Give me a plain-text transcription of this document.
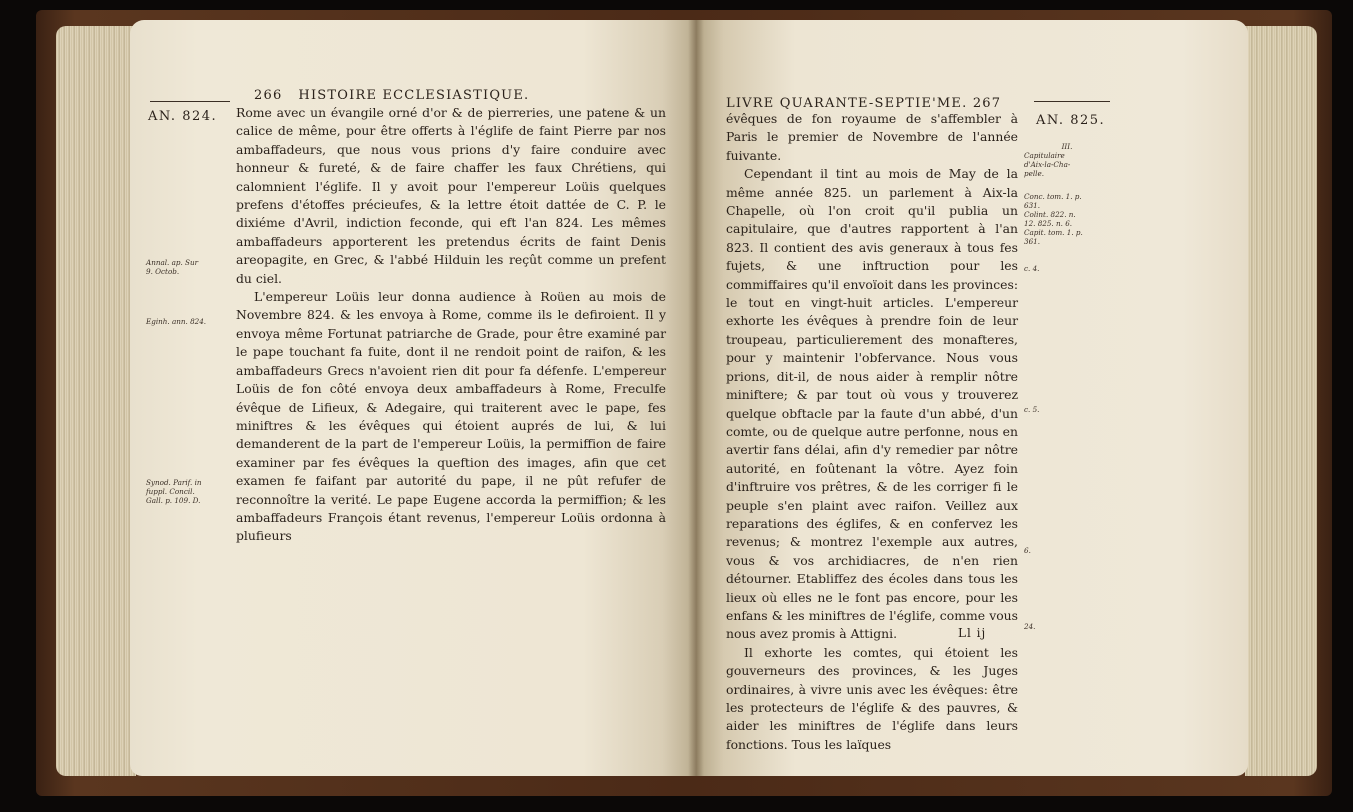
266 HISTOIRE ECCLESIASTIQUE.
AN. 824.
Annal. ap. Sur
9. Octob.
Eginh. ann. 824.
Synod. Parif. in
fuppl. Concil.
Gall. p. 109. D.

Rome avec un évangile orné d'or & de pierreries, une patene & un calice de même, pour être offerts à l'églife de faint Pierre par nos ambaffadeurs, que nous vous prions d'y faire conduire avec honneur & fureté, & de faire chaffer les faux Chrétiens, qui calomnient l'églife. Il y avoit pour l'empereur Loüis quelques prefens d'étoffes précieufes, & la lettre étoit dattée de C. P. le dixiéme d'Avril, indiction feconde, qui eft l'an 824. Les mêmes ambaffadeurs apporterent les pretendus écrits de faint Denis areopagite, en Grec, & l'abbé Hilduin les reçût comme un prefent du ciel.

L'empereur Loüis leur donna audience à Roüen au mois de Novembre 824. & les envoya à Rome, comme ils le defiroient. Il y envoya même Fortunat patriarche de Grade, pour être examiné par le pape touchant fa fuite, dont il ne rendoit point de raifon, & les ambaffadeurs Grecs n'avoient rien dit pour fa défenfe. L'empereur Loüis de fon côté envoya deux ambaffadeurs à Rome, Freculfe évêque de Lifieux, & Adegaire, qui traiterent avec le pape, fes miniftres & les évêques qui étoient auprés de lui, & lui demanderent de la part de l'empereur Loüis, la permiffion de faire examiner par fes évêques la queftion des images, afin que cet examen fe faifant par autorité du pape, il ne pût refufer de reconnoître la verité. Le pape Eugene accorda la permiffion; & les ambaffadeurs François étant revenus, l'empereur Loüis ordonna à plufieurs

LIVRE QUARANTE-SEPTIE'ME. 267
AN. 825.
III.
Capitulaire
d'Aix-la-Cha-
pelle.
Conc. tom. 1. p.
631.
Colint. 822. n.
12. 825. n. 6.
Capit. tom. 1. p.
361.
c. 4.
c. 5.
6.
24.

évêques de fon royaume de s'affembler à Paris le premier de Novembre de l'année fuivante.

Cependant il tint au mois de May de la même année 825. un parlement à Aix-la Chapelle, où l'on croit qu'il publia un capitulaire, que d'autres rapportent à l'an 823. Il contient des avis generaux à tous fes fujets, & une inftruction pour les commiffaires qu'il envoïoit dans les provinces: le tout en vingt-huit articles. L'empereur exhorte les évêques à prendre foin de leur troupeau, particulierement des monafteres, pour y maintenir l'obfervance. Nous vous prions, dit-il, de nous aider à remplir nôtre miniftere; & par tout où vous y trouverez quelque obftacle par la faute d'un abbé, d'un comte, ou de quelque autre perfonne, nous en avertir fans délai, afin d'y remedier par nôtre autorité, en foûtenant la vôtre. Ayez foin d'inftruire vos prêtres, & de les corriger fi le peuple s'en plaint avec raifon. Veillez aux reparations des églifes, & en confervez les revenus; & montrez l'exemple aux autres, vous & vos archidiacres, de n'en rien détourner. Etabliffez des écoles dans tous les lieux où elles ne le font pas encore, pour les enfans & les miniftres de l'églife, comme vous nous avez promis à Attigni.

Il exhorte les comtes, qui étoient les gouverneurs des provinces, & les Juges ordinaires, à vivre unis avec les évêques: être les protecteurs de l'églife & des pauvres, & aider les miniftres de l'églife dans leurs fonctions. Tous les laïques

Ll ij
